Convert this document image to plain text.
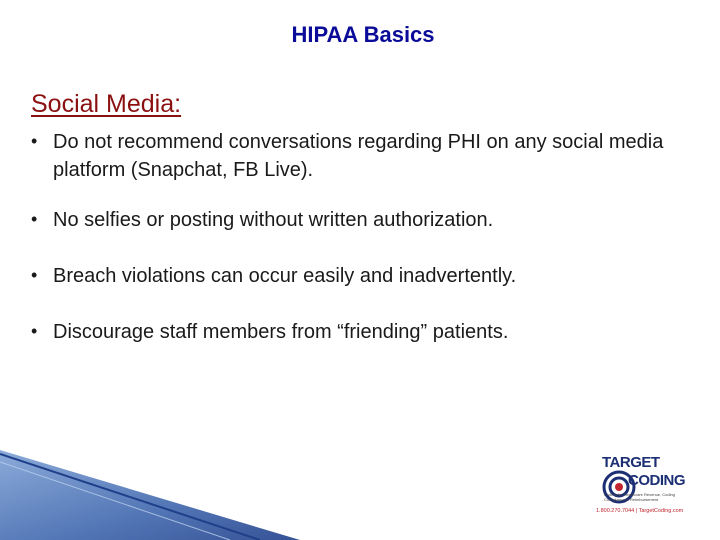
HIPAA Basics
Social Media:
• Do not recommend conversations regarding PHI on any social media platform (Snapchat, FB Live).
• No selfies or posting without written authorization.
• Breach violations can occur easily and inadvertently.
• Discourage staff members from “friending” patients.
TARGET
CODING
Coding for Healthcare Revenue, Coding Compliance & Reimbursement
1.800.270.7044 | TargetCoding.com
